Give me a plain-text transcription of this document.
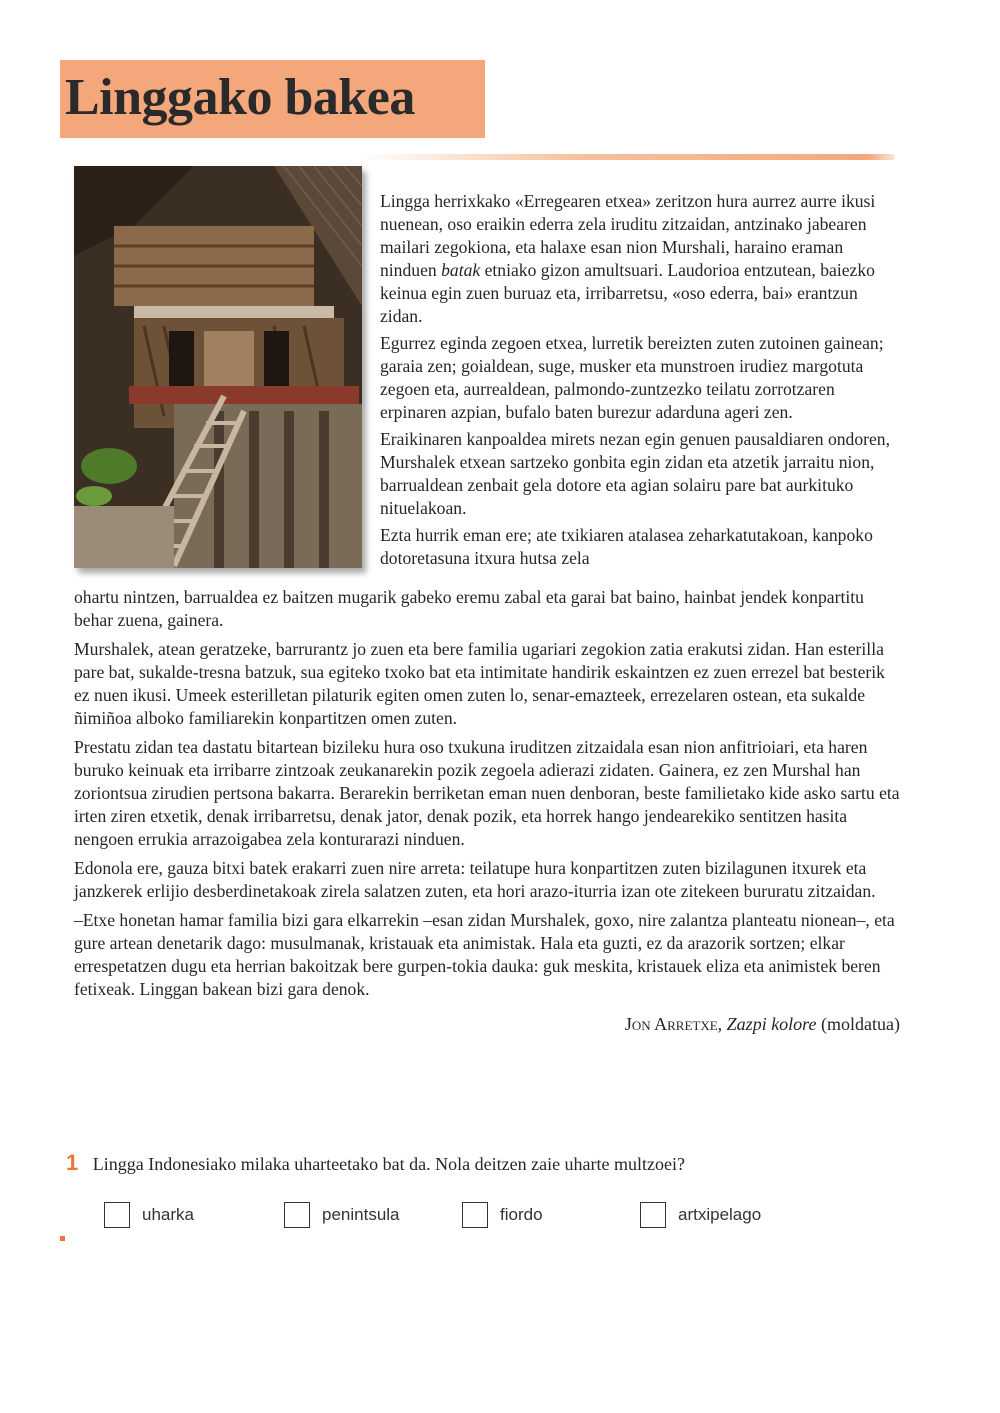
Linggako bakea

Lingga herrixkako «Erregearen etxea» zeritzon hura aurrez aurre ikusi nuenean, oso eraikin ederra zela iruditu zitzaidan, antzinako jabearen mailari zegokiona, eta halaxe esan nion Murshali, haraino eraman ninduen batak etniako gizon amultsuari. Laudorioa entzutean, baiezko keinua egin zuen buruaz eta, irribarretsu, «oso ederra, bai» erantzun zidan.

Egurrez eginda zegoen etxea, lurretik bereizten zuten zutoinen gainean; garaia zen; goialdean, suge, musker eta munstroen irudiez margotuta zegoen eta, aurrealdean, palmondo-zuntzezko teilatu zorrotzaren erpinaren azpian, bufalo baten burezur adarduna ageri zen.

Eraikinaren kanpoaldea mirets nezan egin genuen pausaldiaren ondoren, Murshalek etxean sartzeko gonbita egin zidan eta atzetik jarraitu nion, barrualdean zenbait gela dotore eta agian solairu pare bat aurkituko nituelakoan.

Ezta hurrik eman ere; ate txikiaren atalasea zeharkatutakoan, kanpoko dotoretasuna itxura hutsa zela

ohartu nintzen, barrualdea ez baitzen mugarik gabeko eremu zabal eta garai bat baino, hainbat jendek konpartitu behar zuena, gainera.

Murshalek, atean geratzeke, barrurantz jo zuen eta bere familia ugariari zegokion zatia erakutsi zidan. Han esterilla pare bat, sukalde-tresna batzuk, sua egiteko txoko bat eta intimitate handirik eskaintzen ez zuen errezel bat besterik ez nuen ikusi. Umeek esterilletan pilaturik egiten omen zuten lo, senar-emazteek, errezelaren ostean, eta sukalde ñimiñoa alboko familiarekin konpartitzen omen zuten.

Prestatu zidan tea dastatu bitartean bizileku hura oso txukuna iruditzen zitzaidala esan nion anfitrioiari, eta haren buruko keinuak eta irribarre zintzoak zeukanarekin pozik zegoela adierazi zidaten. Gainera, ez zen Murshal han zoriontsua zirudien pertsona bakarra. Berarekin berriketan eman nuen denboran, beste familietako kide asko sartu eta irten ziren etxetik, denak irribarretsu, denak jator, denak pozik, eta horrek hango jendearekiko sentitzen hasita nengoen errukia arrazoigabea zela konturarazi ninduen.

Edonola ere, gauza bitxi batek erakarri zuen nire arreta: teilatupe hura konpartitzen zuten bizilagunen itxurek eta janzkerek erlijio desberdinetakoak zirela salatzen zuten, eta hori arazo-iturria izan ote zitekeen bururatu zitzaidan.

–Etxe honetan hamar familia bizi gara elkarrekin –esan zidan Murshalek, goxo, nire zalantza planteatu nionean–, eta gure artean denetarik dago: musulmanak, kristauak eta animistak. Hala eta guzti, ez da arazorik sortzen; elkar errespetatzen dugu eta herrian bakoitzak bere gurpen-tokia dauka: guk meskita, kristauek eliza eta animistek beren fetixeak. Linggan bakean bizi gara denok.

Jon Arretxe, Zazpi kolore (moldatua)
1 Lingga Indonesiako milaka uharteetako bat da. Nola deitzen zaie uharte multzoei?
uharka	penintsula	fiordo	artxipelago
